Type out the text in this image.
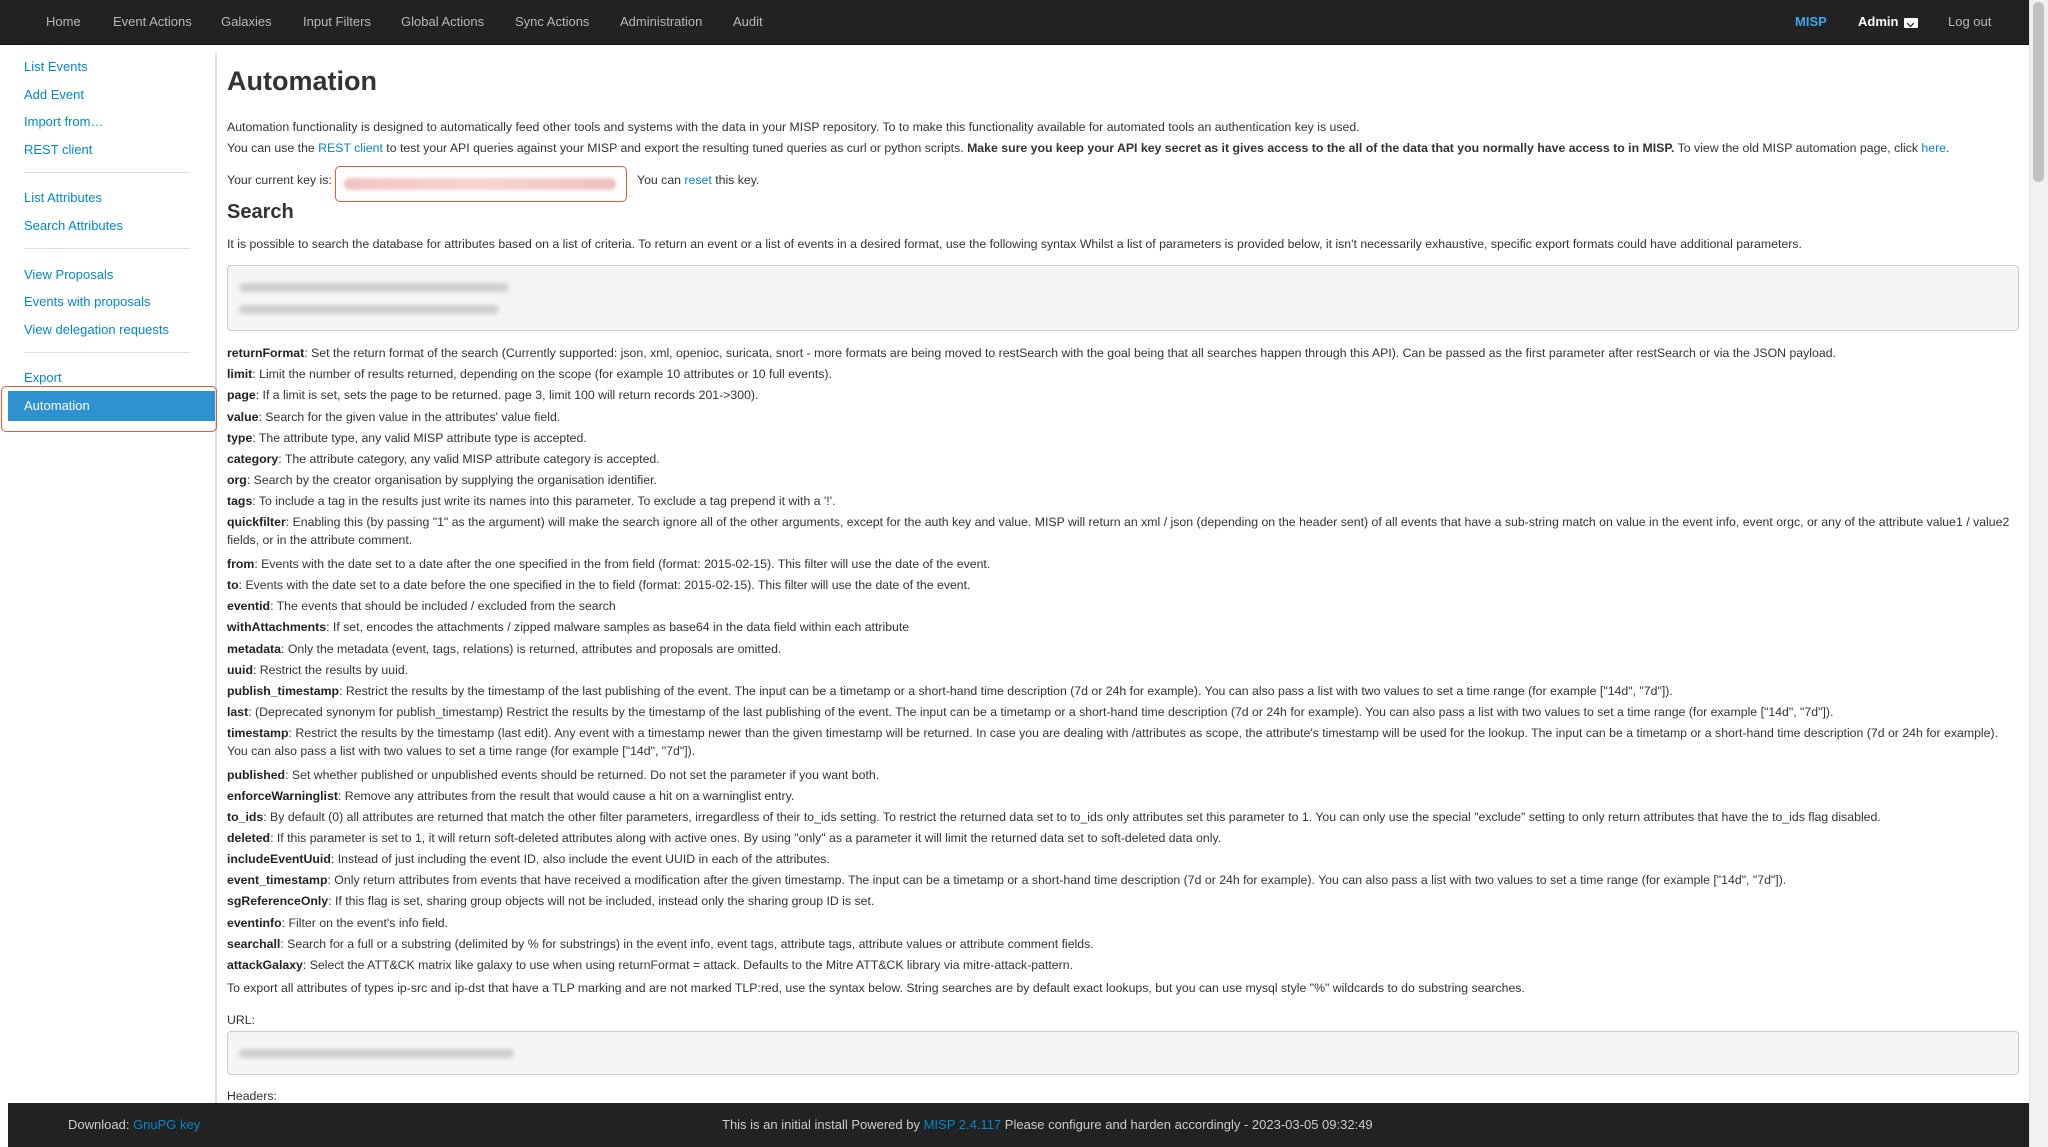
Home Event Actions Galaxies Input Filters Global Actions Sync Actions Administration Audit	MISP Admin	Log out
List Events
Add Event
Import from…
REST client
List Attributes
Search Attributes
View Proposals
Events with proposals
View delegation requests
Export
Automation
Automation
Automation functionality is designed to automatically feed other tools and systems with the data in your MISP repository. To to make this functionality available for automated tools an authentication key is used.
You can use the REST client to test your API queries against your MISP and export the resulting tuned queries as curl or python scripts. Make sure you keep your API key secret as it gives access to the all of the data that you normally have access to in MISP. To view the old MISP automation page, click here.
Your current key is:	You can reset this key.
Search
It is possible to search the database for attributes based on a list of criteria. To return an event or a list of events in a desired format, use the following syntax Whilst a list of parameters is provided below, it isn't necessarily exhaustive, specific export formats could have additional parameters.
returnFormat: Set the return format of the search (Currently supported: json, xml, openioc, suricata, snort - more formats are being moved to restSearch with the goal being that all searches happen through this API). Can be passed as the first parameter after restSearch or via the JSON payload.
limit: Limit the number of results returned, depending on the scope (for example 10 attributes or 10 full events).
page: If a limit is set, sets the page to be returned. page 3, limit 100 will return records 201->300).
value: Search for the given value in the attributes' value field.
type: The attribute type, any valid MISP attribute type is accepted.
category: The attribute category, any valid MISP attribute category is accepted.
org: Search by the creator organisation by supplying the organisation identifier.
tags: To include a tag in the results just write its names into this parameter. To exclude a tag prepend it with a '!'.
quickfilter: Enabling this (by passing "1" as the argument) will make the search ignore all of the other arguments, except for the auth key and value. MISP will return an xml / json (depending on the header sent) of all events that have a sub-string match on value in the event info, event orgc, or any of the attribute value1 / value2 fields, or in the attribute comment.
from: Events with the date set to a date after the one specified in the from field (format: 2015-02-15). This filter will use the date of the event.
to: Events with the date set to a date before the one specified in the to field (format: 2015-02-15). This filter will use the date of the event.
eventid: The events that should be included / excluded from the search
withAttachments: If set, encodes the attachments / zipped malware samples as base64 in the data field within each attribute
metadata: Only the metadata (event, tags, relations) is returned, attributes and proposals are omitted.
uuid: Restrict the results by uuid.
publish_timestamp: Restrict the results by the timestamp of the last publishing of the event. The input can be a timetamp or a short-hand time description (7d or 24h for example). You can also pass a list with two values to set a time range (for example ["14d", "7d"]).
last: (Deprecated synonym for publish_timestamp) Restrict the results by the timestamp of the last publishing of the event. The input can be a timetamp or a short-hand time description (7d or 24h for example). You can also pass a list with two values to set a time range (for example ["14d", "7d"]).
timestamp: Restrict the results by the timestamp (last edit). Any event with a timestamp newer than the given timestamp will be returned. In case you are dealing with /attributes as scope, the attribute's timestamp will be used for the lookup. The input can be a timetamp or a short-hand time description (7d or 24h for example). You can also pass a list with two values to set a time range (for example ["14d", "7d"]).
published: Set whether published or unpublished events should be returned. Do not set the parameter if you want both.
enforceWarninglist: Remove any attributes from the result that would cause a hit on a warninglist entry.
to_ids: By default (0) all attributes are returned that match the other filter parameters, irregardless of their to_ids setting. To restrict the returned data set to to_ids only attributes set this parameter to 1. You can only use the special "exclude" setting to only return attributes that have the to_ids flag disabled.
deleted: If this parameter is set to 1, it will return soft-deleted attributes along with active ones. By using "only" as a parameter it will limit the returned data set to soft-deleted data only.
includeEventUuid: Instead of just including the event ID, also include the event UUID in each of the attributes.
event_timestamp: Only return attributes from events that have received a modification after the given timestamp. The input can be a timetamp or a short-hand time description (7d or 24h for example). You can also pass a list with two values to set a time range (for example ["14d", "7d"]).
sgReferenceOnly: If this flag is set, sharing group objects will not be included, instead only the sharing group ID is set.
eventinfo: Filter on the event's info field.
searchall: Search for a full or a substring (delimited by % for substrings) in the event info, event tags, attribute tags, attribute values or attribute comment fields.
attackGalaxy: Select the ATT&CK matrix like galaxy to use when using returnFormat = attack. Defaults to the Mitre ATT&CK library via mitre-attack-pattern.
To export all attributes of types ip-src and ip-dst that have a TLP marking and are not marked TLP:red, use the syntax below. String searches are by default exact lookups, but you can use mysql style "%" wildcards to do substring searches.
URL:
Headers:
Download: GnuPG key	This is an initial install Powered by MISP 2.4.117 Please configure and harden accordingly - 2023-03-05 09:32:49
